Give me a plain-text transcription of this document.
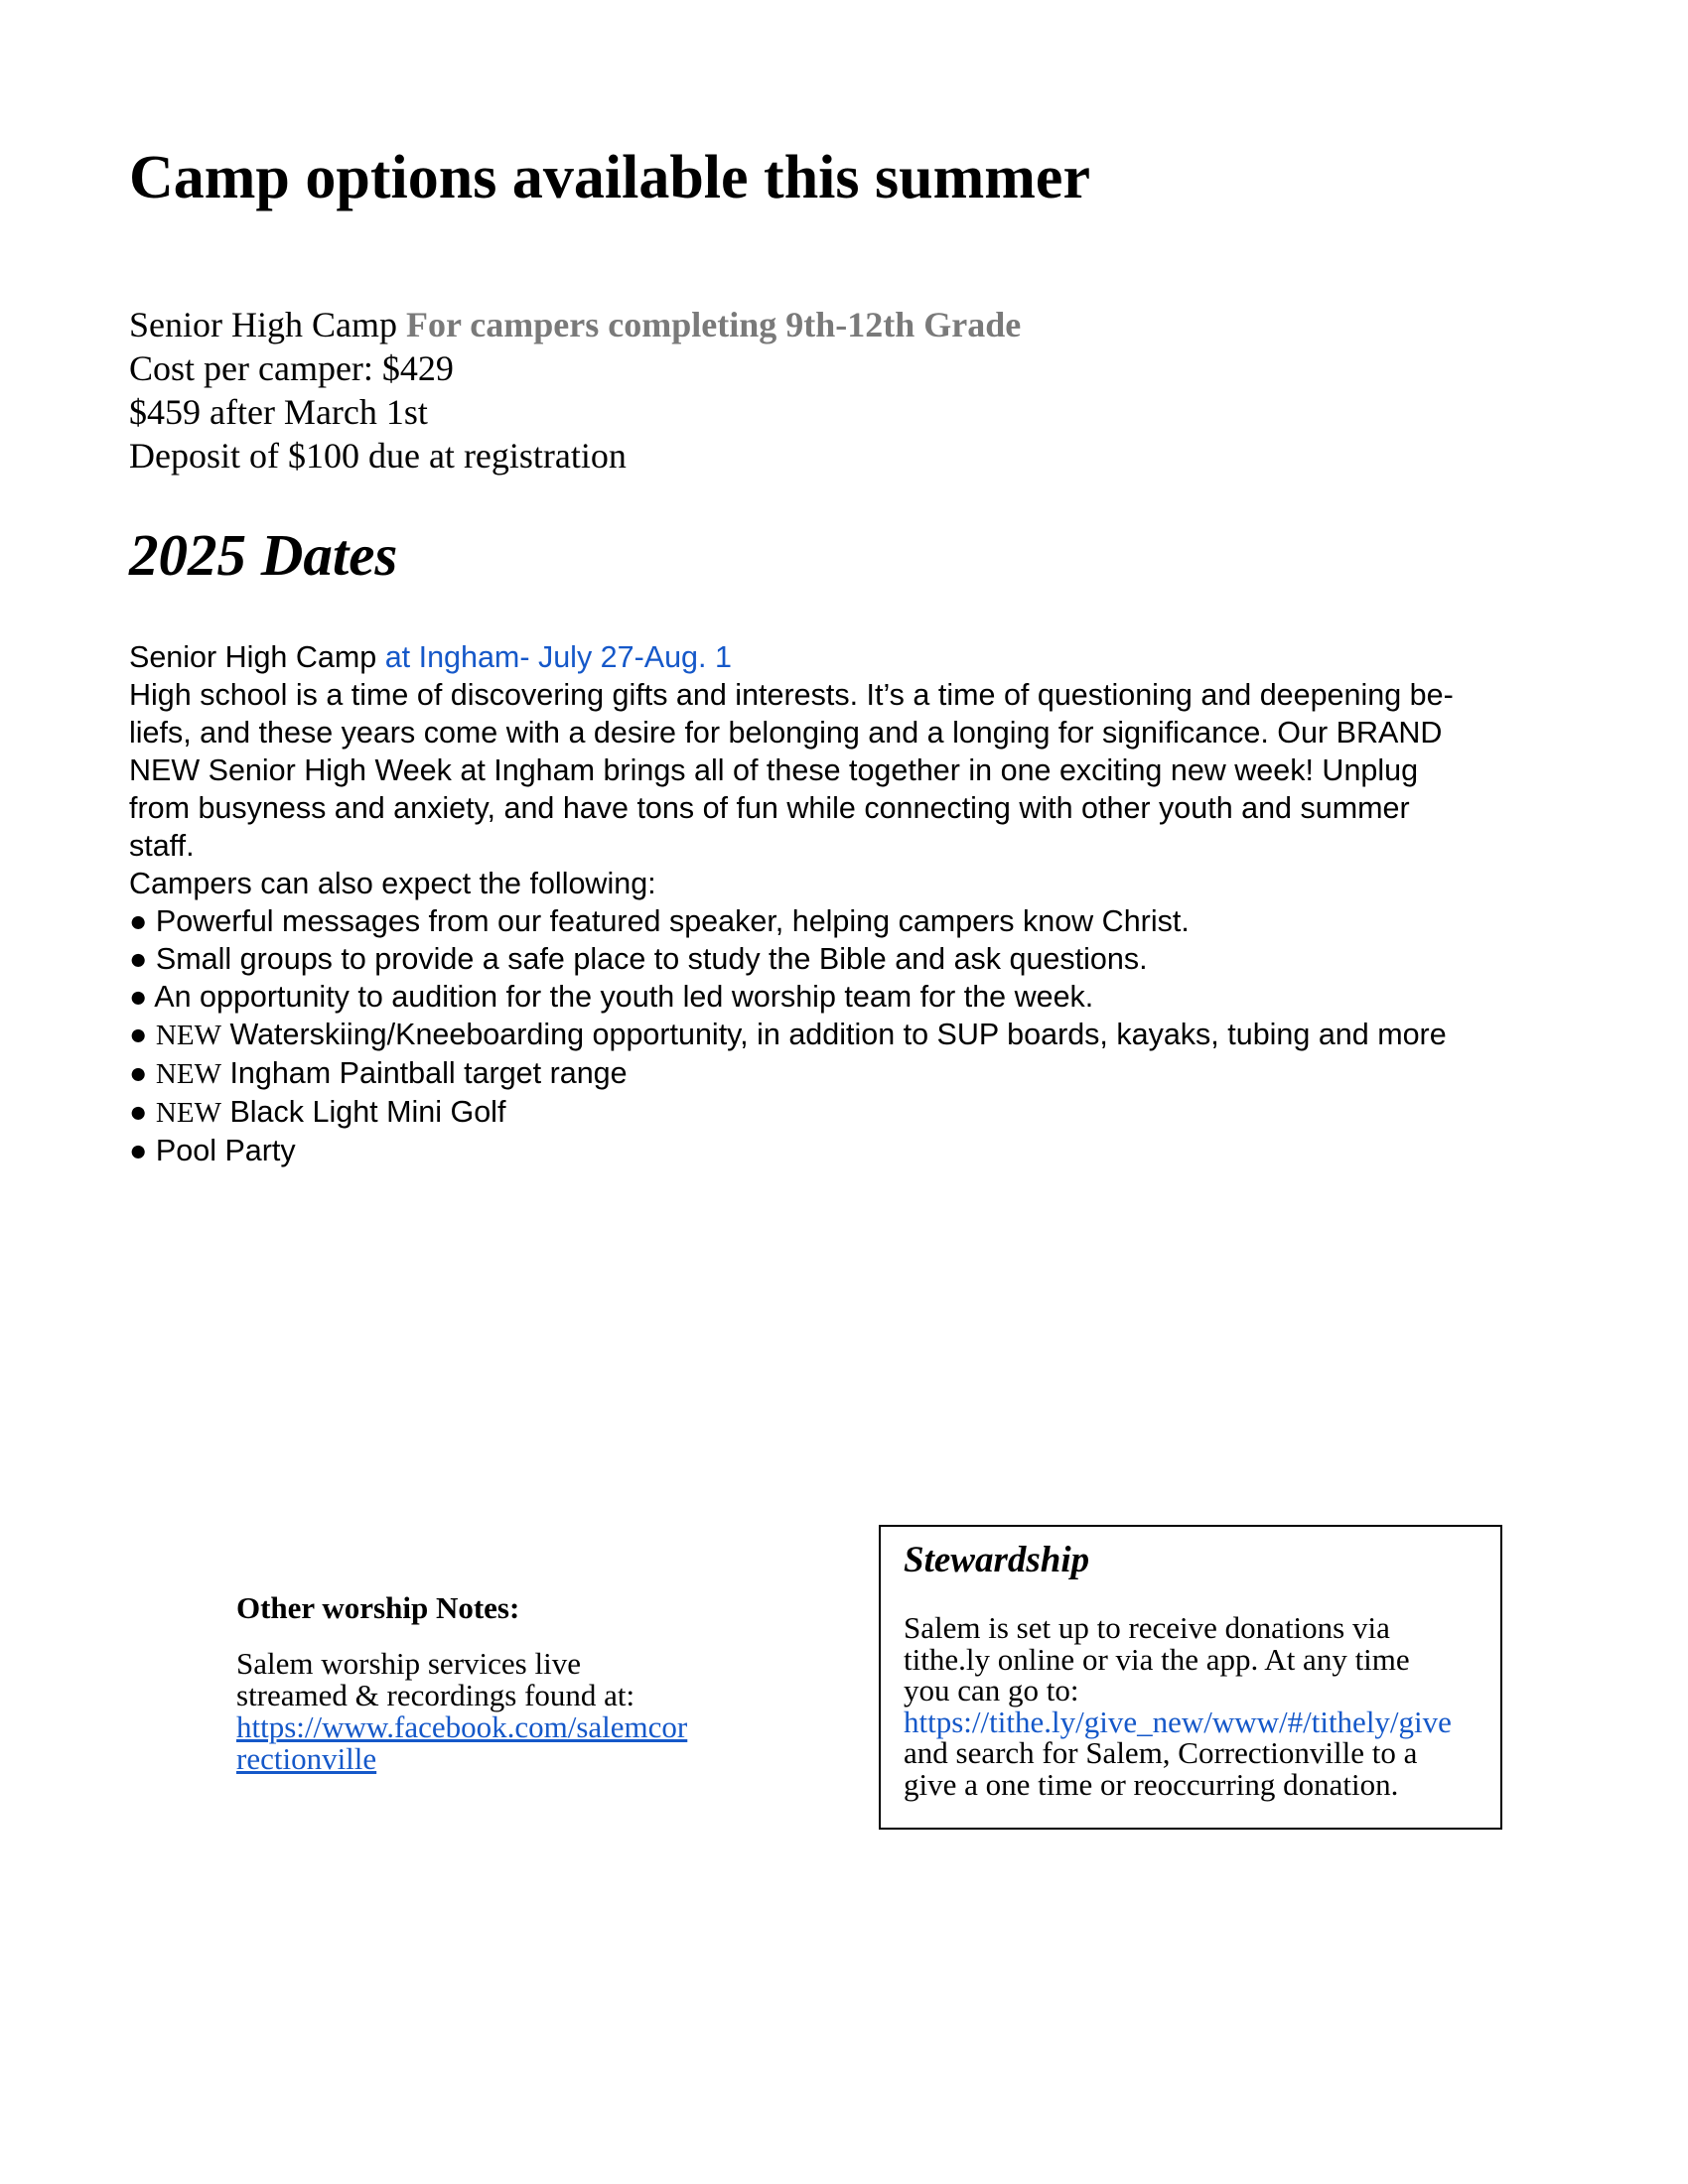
Camp options available this summer
Senior High Camp For campers completing 9th-12th Grade
Cost per camper: $429
$459 after March 1st
Deposit of $100 due at registration
2025 Dates
Senior High Camp at Ingham- July 27-Aug. 1
High school is a time of discovering gifts and interests. It’s a time of questioning and deepening be-
liefs, and these years come with a desire for belonging and a longing for significance. Our BRAND
NEW Senior High Week at Ingham brings all of these together in one exciting new week! Unplug
from busyness and anxiety, and have tons of fun while connecting with other youth and summer
staff.
Campers can also expect the following:
● Powerful messages from our featured speaker, helping campers know Christ.
● Small groups to provide a safe place to study the Bible and ask questions.
● An opportunity to audition for the youth led worship team for the week.
● NEW Waterskiing/Kneeboarding opportunity, in addition to SUP boards, kayaks, tubing and more
● NEW Ingham Paintball target range
● NEW Black Light Mini Golf
● Pool Party
Other worship Notes:
Salem worship services live streamed & recordings found at:
https://www.facebook.com/salemcorrectionville
Stewardship
Salem is set up to receive donations via
tithe.ly online or via the app. At any time
you can go to:
https://tithe.ly/give_new/www/#/tithely/give
and search for Salem, Correctionville to a
give a one time or reoccurring donation.
